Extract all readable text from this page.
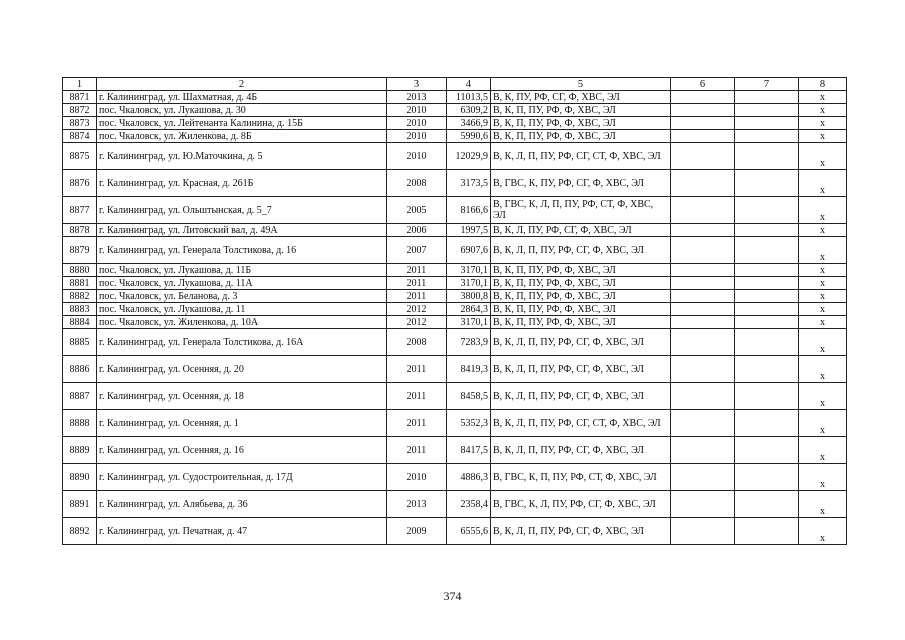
1	2	3	4	5	6	7	8
8871	г. Калининград, ул. Шахматная, д. 4Б	2013	11013,5	В, К, ПУ, РФ, СГ, Ф, ХВС, ЭЛ			х
8872	пос. Чкаловск, ул. Лукашова, д. 30	2010	6309,2	В, К, П, ПУ, РФ, Ф, ХВС, ЭЛ			х
8873	пос. Чкаловск, ул. Лейтенанта Калинина, д. 15Б	2010	3466,9	В, К, П, ПУ, РФ, Ф, ХВС, ЭЛ			х
8874	пос. Чкаловск, ул. Жиленкова, д. 8Б	2010	5990,6	В, К, П, ПУ, РФ, Ф, ХВС, ЭЛ			х
8875	г. Калининград, ул. Ю.Маточкина, д. 5	2010	12029,9	В, К, Л, П, ПУ, РФ, СГ, СТ, Ф, ХВС, ЭЛ			х
8876	г. Калининград, ул. Красная, д. 261Б	2008	3173,5	В, ГВС, К, ПУ, РФ, СГ, Ф, ХВС, ЭЛ			х
8877	г. Калининград, ул. Ольштынская, д. 5_7	2005	8166,6	В, ГВС, К, Л, П, ПУ, РФ, СТ, Ф, ХВС, ЭЛ			х
8878	г. Калининград, ул. Литовский вал, д. 49А	2006	1997,5	В, К, Л, ПУ, РФ, СГ, Ф, ХВС, ЭЛ			х
8879	г. Калининград, ул. Генерала Толстикова, д. 16	2007	6907,6	В, К, Л, П, ПУ, РФ, СГ, Ф, ХВС, ЭЛ			х
8880	пос. Чкаловск, ул. Лукашова, д. 11Б	2011	3170,1	В, К, П, ПУ, РФ, Ф, ХВС, ЭЛ			х
8881	пос. Чкаловск, ул. Лукашова, д. 11А	2011	3170,1	В, К, П, ПУ, РФ, Ф, ХВС, ЭЛ			х
8882	пос. Чкаловск, ул. Беланова, д. 3	2011	3800,8	В, К, П, ПУ, РФ, Ф, ХВС, ЭЛ			х
8883	пос. Чкаловск, ул. Лукашова, д. 11	2012	2864,3	В, К, П, ПУ, РФ, Ф, ХВС, ЭЛ			х
8884	пос. Чкаловск, ул. Жиленкова, д. 10А	2012	3170,1	В, К, П, ПУ, РФ, Ф, ХВС, ЭЛ			х
8885	г. Калининград, ул. Генерала Толстикова, д. 16А	2008	7283,9	В, К, Л, П, ПУ, РФ, СГ, Ф, ХВС, ЭЛ			х
8886	г. Калининград, ул. Осенняя, д. 20	2011	8419,3	В, К, Л, П, ПУ, РФ, СГ, Ф, ХВС, ЭЛ			х
8887	г. Калининград, ул. Осенняя, д. 18	2011	8458,5	В, К, Л, П, ПУ, РФ, СГ, Ф, ХВС, ЭЛ			х
8888	г. Калининград, ул. Осенняя, д. 1	2011	5352,3	В, К, Л, П, ПУ, РФ, СГ, СТ, Ф, ХВС, ЭЛ			х
8889	г. Калининград, ул. Осенняя, д. 16	2011	8417,5	В, К, Л, П, ПУ, РФ, СГ, Ф, ХВС, ЭЛ			х
8890	г. Калининград, ул. Судостроительная, д. 17Д	2010	4886,3	В, ГВС, К, П, ПУ, РФ, СТ, Ф, ХВС, ЭЛ			х
8891	г. Калининград, ул. Алябьева, д. 36	2013	2358,4	В, ГВС, К, Л, ПУ, РФ, СГ, Ф, ХВС, ЭЛ			х
8892	г. Калининград, ул. Печатная, д. 47	2009	6555,6	В, К, Л, П, ПУ, РФ, СГ, Ф, ХВС, ЭЛ			х
374
